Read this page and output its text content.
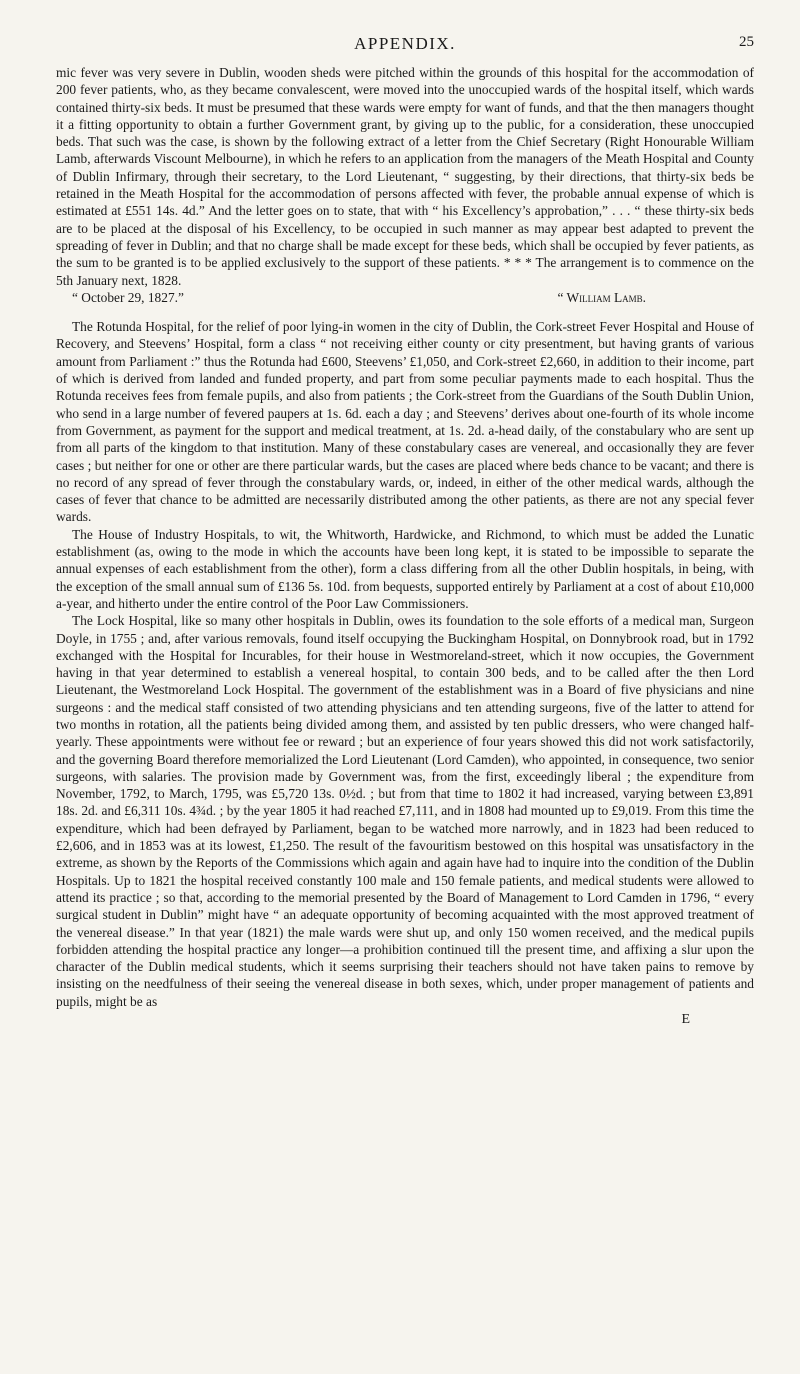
APPENDIX.	25

mic fever was very severe in Dublin, wooden sheds were pitched within the grounds of this hospital for the accommodation of 200 fever patients, who, as they became convalescent, were moved into the unoccupied wards of the hospital itself, which wards contained thirty-six beds. It must be presumed that these wards were empty for want of funds, and that the then managers thought it a fitting opportunity to obtain a further Government grant, by giving up to the public, for a consideration, these unoccupied beds. That such was the case, is shown by the following extract of a letter from the Chief Secretary (Right Honourable William Lamb, afterwards Viscount Melbourne), in which he refers to an application from the managers of the Meath Hospital and County of Dublin Infirmary, through their secretary, to the Lord Lieutenant, “ suggesting, by their directions, that thirty-six beds be retained in the Meath Hospital for the accommodation of persons affected with fever, the probable annual expense of which is estimated at £551 14s. 4d.” And the letter goes on to state, that with “ his Excellency’s approbation,” . . . “ these thirty-six beds are to be placed at the disposal of his Excellency, to be occupied in such manner as may appear best adapted to prevent the spreading of fever in Dublin; and that no charge shall be made except for these beds, which shall be occupied by fever patients, as the sum to be granted is to be applied exclusively to the support of these patients. * * * The arrangement is to commence on the 5th January next, 1828.

“ October 29, 1827.”	“ William Lamb.

The Rotunda Hospital, for the relief of poor lying-in women in the city of Dublin, the Cork-street Fever Hospital and House of Recovery, and Steevens’ Hospital, form a class “ not receiving either county or city presentment, but having grants of various amount from Parliament :” thus the Rotunda had £600, Steevens’ £1,050, and Cork-street £2,660, in addition to their income, part of which is derived from landed and funded property, and part from some peculiar payments made to each hospital. Thus the Rotunda receives fees from female pupils, and also from patients ; the Cork-street from the Guardians of the South Dublin Union, who send in a large number of fevered paupers at 1s. 6d. each a day ; and Steevens’ derives about one-fourth of its whole income from Government, as payment for the support and medical treatment, at 1s. 2d. a-head daily, of the constabulary who are sent up from all parts of the kingdom to that institution. Many of these constabulary cases are venereal, and occasionally they are fever cases ; but neither for one or other are there particular wards, but the cases are placed where beds chance to be vacant; and there is no record of any spread of fever through the constabulary wards, or, indeed, in either of the other medical wards, although the cases of fever that chance to be admitted are necessarily distributed among the other patients, as there are not any special fever wards.

The House of Industry Hospitals, to wit, the Whitworth, Hardwicke, and Richmond, to which must be added the Lunatic establishment (as, owing to the mode in which the accounts have been long kept, it is stated to be impossible to separate the annual expenses of each establishment from the other), form a class differing from all the other Dublin hospitals, in being, with the exception of the small annual sum of £136 5s. 10d. from bequests, supported entirely by Parliament at a cost of about £10,000 a-year, and hitherto under the entire control of the Poor Law Commissioners.

The Lock Hospital, like so many other hospitals in Dublin, owes its foundation to the sole efforts of a medical man, Surgeon Doyle, in 1755 ; and, after various removals, found itself occupying the Buckingham Hospital, on Donnybrook road, but in 1792 exchanged with the Hospital for Incurables, for their house in Westmoreland-street, which it now occupies, the Government having in that year determined to establish a venereal hospital, to contain 300 beds, and to be called after the then Lord Lieutenant, the Westmoreland Lock Hospital. The government of the establishment was in a Board of five physicians and nine surgeons : and the medical staff consisted of two attending physicians and ten attending surgeons, five of the latter to attend for two months in rotation, all the patients being divided among them, and assisted by ten public dressers, who were changed half-yearly. These appointments were without fee or reward ; but an experience of four years showed this did not work satisfactorily, and the governing Board therefore memorialized the Lord Lieutenant (Lord Camden), who appointed, in consequence, two senior surgeons, with salaries. The provision made by Government was, from the first, exceedingly liberal ; the expenditure from November, 1792, to March, 1795, was £5,720 13s. 0½d. ; but from that time to 1802 it had increased, varying between £3,891 18s. 2d. and £6,311 10s. 4¾d. ; by the year 1805 it had reached £7,111, and in 1808 had mounted up to £9,019. From this time the expenditure, which had been defrayed by Parliament, began to be watched more narrowly, and in 1823 had been reduced to £2,606, and in 1853 was at its lowest, £1,250. The result of the favouritism bestowed on this hospital was unsatisfactory in the extreme, as shown by the Reports of the Commissions which again and again have had to inquire into the condition of the Dublin Hospitals. Up to 1821 the hospital received constantly 100 male and 150 female patients, and medical students were allowed to attend its practice ; so that, according to the memorial presented by the Board of Management to Lord Camden in 1796, “ every surgical student in Dublin” might have “ an adequate opportunity of becoming acquainted with the most approved treatment of the venereal disease.” In that year (1821) the male wards were shut up, and only 150 women received, and the medical pupils forbidden attending the hospital practice any longer—a prohibition continued till the present time, and affixing a slur upon the character of the Dublin medical students, which it seems surprising their teachers should not have taken pains to remove by insisting on the needfulness of their seeing the venereal disease in both sexes, which, under proper management of patients and pupils, might be as

E
